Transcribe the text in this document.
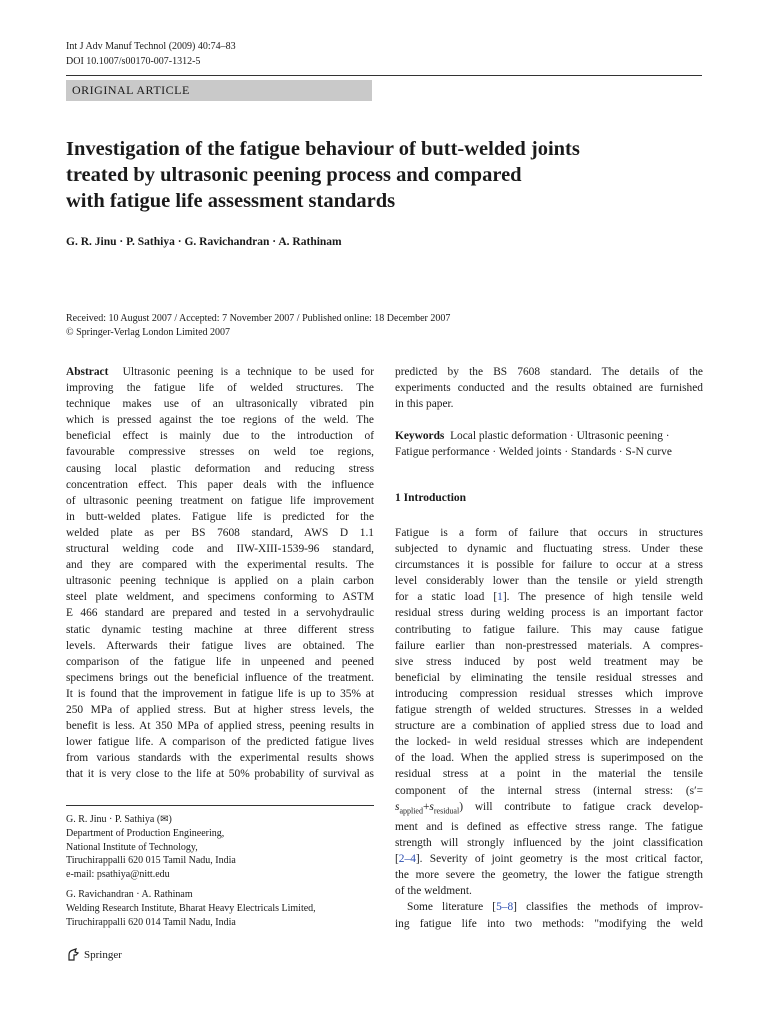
Int J Adv Manuf Technol (2009) 40:74–83
DOI 10.1007/s00170-007-1312-5
ORIGINAL ARTICLE
Investigation of the fatigue behaviour of butt-welded joints
treated by ultrasonic peening process and compared
with fatigue life assessment standards
G. R. Jinu · P. Sathiya · G. Ravichandran · A. Rathinam
Received: 10 August 2007 / Accepted: 7 November 2007 / Published online: 18 December 2007
© Springer-Verlag London Limited 2007
Abstract Ultrasonic peening is a technique to be used for
improving the fatigue life of welded structures. The
technique makes use of an ultrasonically vibrated pin
which is pressed against the toe regions of the weld. The
beneficial effect is mainly due to the introduction of
favourable compressive stresses on weld toe regions,
causing local plastic deformation and reducing stress
concentration effect. This paper deals with the influence
of ultrasonic peening treatment on fatigue life improvement
in butt-welded plates. Fatigue life is predicted for the
welded plate as per BS 7608 standard, AWS D 1.1
structural welding code and IIW-XIII-1539-96 standard,
and they are compared with the experimental results. The
ultrasonic peening technique is applied on a plain carbon
steel plate weldment, and specimens conforming to ASTM
E 466 standard are prepared and tested in a servohydraulic
static dynamic testing machine at three different stress
levels. Afterwards their fatigue lives are obtained. The
comparison of the fatigue life in unpeened and peened
specimens brings out the beneficial influence of the treatment.
It is found that the improvement in fatigue life is up to 35% at
250 MPa of applied stress. But at higher stress levels, the
benefit is less. At 350 MPa of applied stress, peening results in
lower fatigue life. A comparison of the predicted fatigue lives
from various standards with the experimental results shows
that it is very close to the life at 50% probability of survival as
G. R. Jinu · P. Sathiya (✉)
Department of Production Engineering,
National Institute of Technology,
Tiruchirappalli 620 015 Tamil Nadu, India
e-mail: psathiya@nitt.edu
G. Ravichandran · A. Rathinam
Welding Research Institute, Bharat Heavy Electricals Limited,
Tiruchirappalli 620 014 Tamil Nadu, India
Springer
predicted by the BS 7608 standard. The details of the
experiments conducted and the results obtained are furnished
in this paper.
Keywords Local plastic deformation · Ultrasonic peening ·
Fatigue performance · Welded joints · Standards · S-N curve
1 Introduction
Fatigue is a form of failure that occurs in structures
subjected to dynamic and fluctuating stress. Under these
circumstances it is possible for failure to occur at a stress
level considerably lower than the tensile or yield strength
for a static load [1]. The presence of high tensile weld
residual stress during welding process is an important factor
contributing to fatigue failure. This may cause fatigue
failure earlier than non-prestressed materials. A compres-
sive stress induced by post weld treatment may be
beneficial by eliminating the tensile residual stresses and
introducing compression residual stresses which improve
fatigue strength of welded structures. Stresses in a welded
structure are a combination of applied stress due to load and
the locked- in weld residual stresses which are independent
of the load. When the applied stress is superimposed on the
residual stress at a point in the material the tensile
component of the internal stress (internal stress: (s′=
$s_{applied}+s_{residual}$) will contribute to fatigue crack develop-
ment and is defined as effective stress range. The fatigue
strength will strongly influenced by the joint classification
[2–4]. Severity of joint geometry is the most critical factor,
the more severe the geometry, the lower the fatigue strength
of the weldment.
Some literature [5–8] classifies the methods of improv-
ing fatigue life into two methods: "modifying the weld
